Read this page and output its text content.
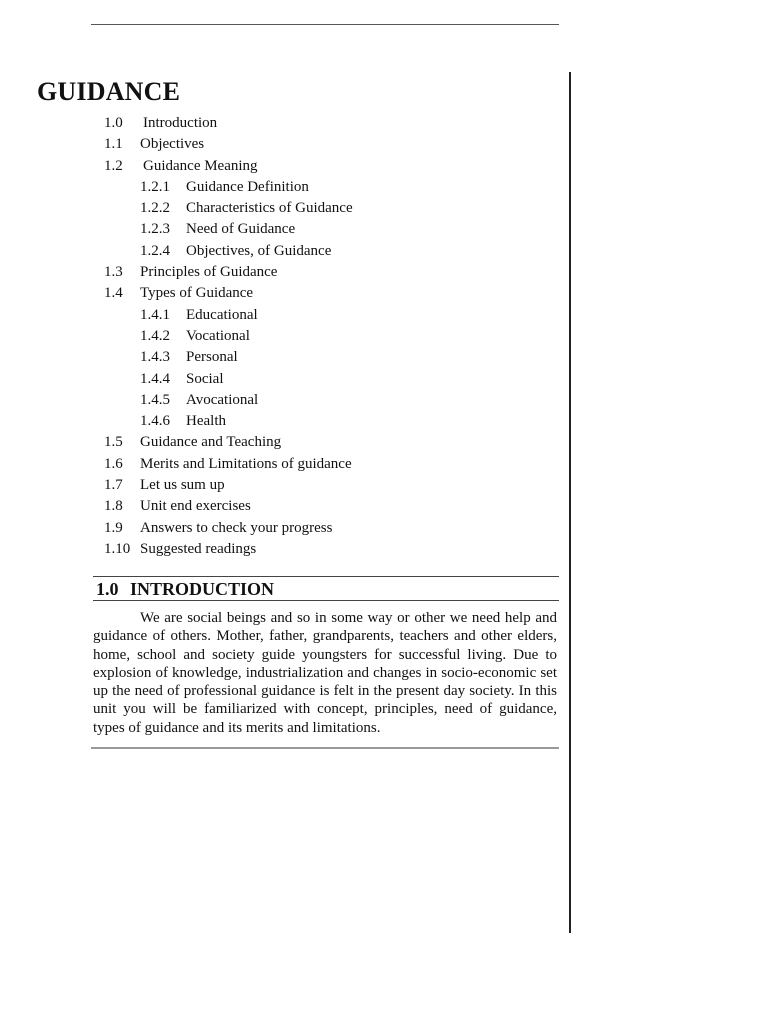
GUIDANCE
1.0 Introduction
1.1 Objectives
1.2 Guidance Meaning
1.2.1 Guidance Definition
1.2.2 Characteristics of Guidance
1.2.3 Need of Guidance
1.2.4 Objectives, of Guidance
1.3 Principles of Guidance
1.4 Types of Guidance
1.4.1 Educational
1.4.2 Vocational
1.4.3 Personal
1.4.4 Social
1.4.5 Avocational
1.4.6 Health
1.5 Guidance and Teaching
1.6 Merits and Limitations of guidance
1.7 Let us sum up
1.8 Unit end exercises
1.9 Answers to check your progress
1.10 Suggested readings
1.0 INTRODUCTION

We are social beings and so in some way or other we need help and guidance of others. Mother, father, grandparents, teachers and other elders, home, school and society guide youngsters for successful living. Due to explosion of knowledge, industrialization and changes in socio-economic set up the need of professional guidance is felt in the present day society. In this unit you will be familiarized with concept, principles, need of guidance, types of guidance and its merits and limitations.
